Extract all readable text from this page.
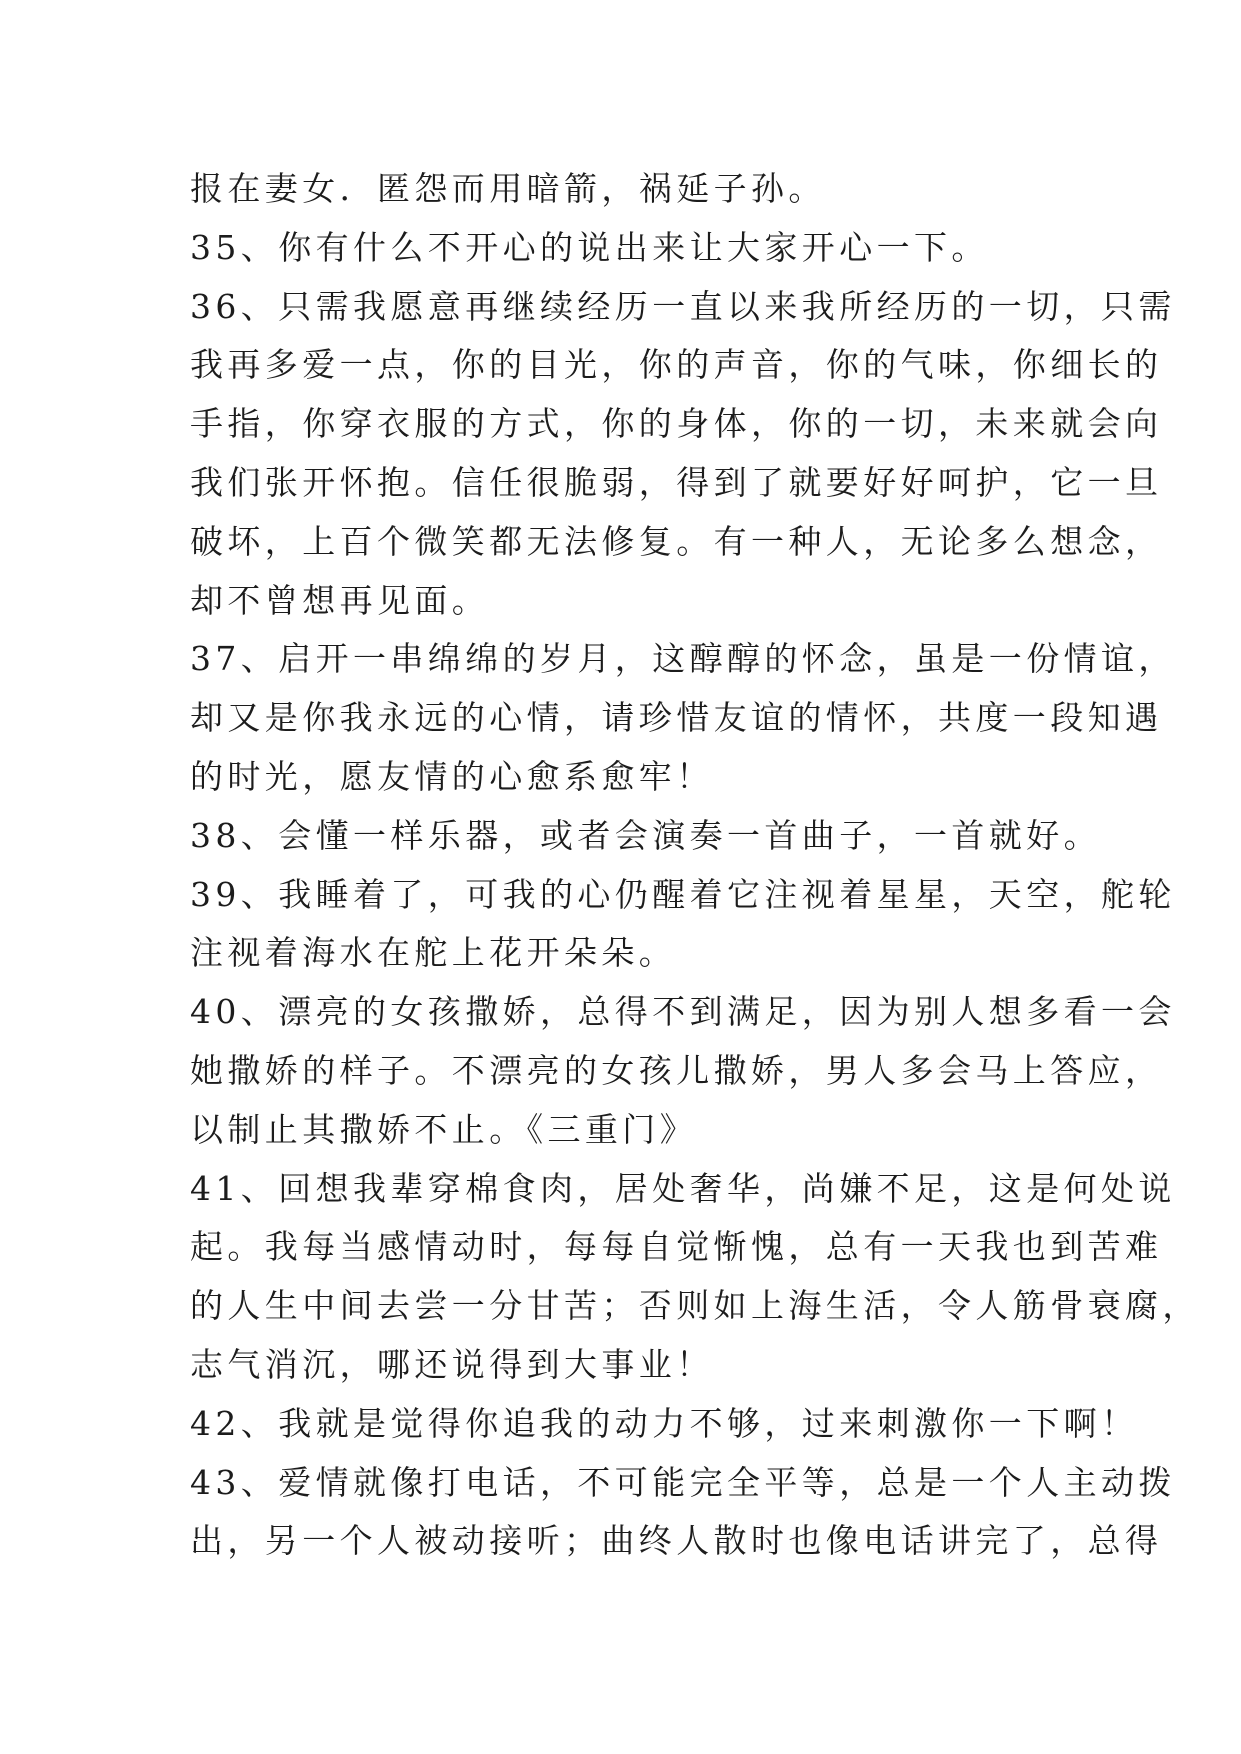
报在妻女．匿怨而用暗箭，祸延子孙。
35、你有什么不开心的说出来让大家开心一下。
36、只需我愿意再继续经历一直以来我所经历的一切，只需
我再多爱一点，你的目光，你的声音，你的气味，你细长的
手指，你穿衣服的方式，你的身体，你的一切，未来就会向
我们张开怀抱。信任很脆弱，得到了就要好好呵护，它一旦
破坏，上百个微笑都无法修复。有一种人，无论多么想念，
却不曾想再见面。
37、启开一串绵绵的岁月，这醇醇的怀念，虽是一份情谊，
却又是你我永远的心情，请珍惜友谊的情怀，共度一段知遇
的时光，愿友情的心愈系愈牢！
38、会懂一样乐器，或者会演奏一首曲子，一首就好。
39、我睡着了，可我的心仍醒着它注视着星星，天空，舵轮
注视着海水在舵上花开朵朵。
40、漂亮的女孩撒娇，总得不到满足，因为别人想多看一会
她撒娇的样子。不漂亮的女孩儿撒娇，男人多会马上答应，
以制止其撒娇不止。《三重门》
41、回想我辈穿棉食肉，居处奢华，尚嫌不足，这是何处说
起。我每当感情动时，每每自觉惭愧，总有一天我也到苦难
的人生中间去尝一分甘苦；否则如上海生活，令人筋骨衰腐，
志气消沉，哪还说得到大事业！
42、我就是觉得你追我的动力不够，过来刺激你一下啊！
43、爱情就像打电话，不可能完全平等，总是一个人主动拨
出，另一个人被动接听；曲终人散时也像电话讲完了，总得
